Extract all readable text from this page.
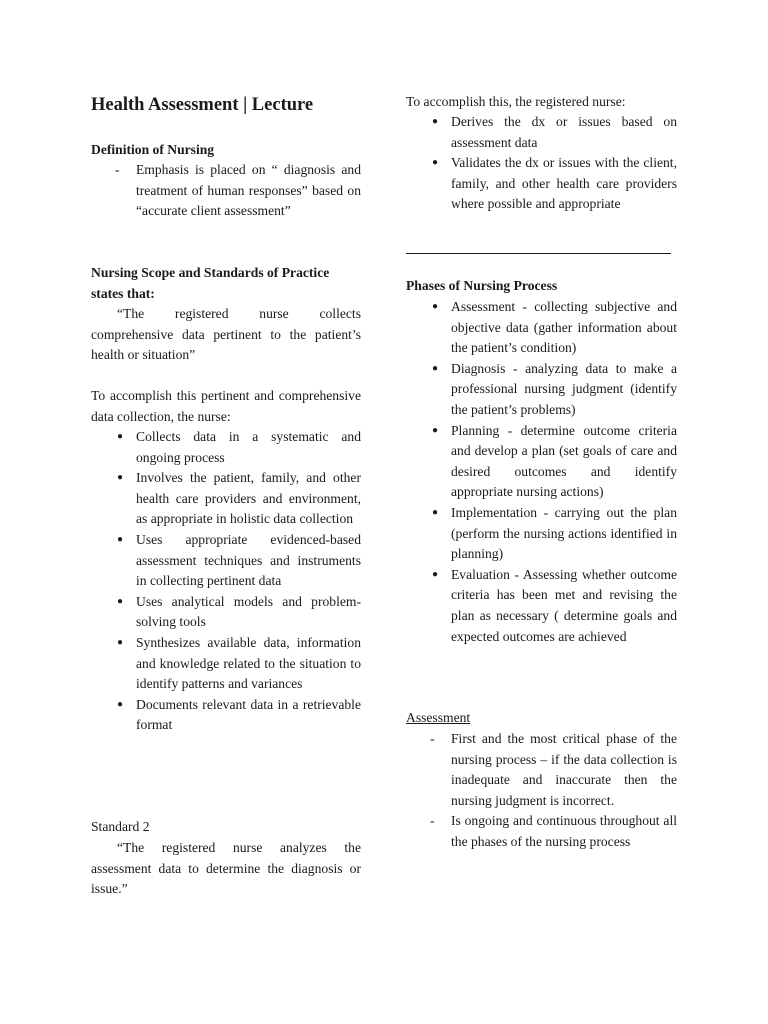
Health Assessment | Lecture
Definition of Nursing
-	Emphasis is placed on “ diagnosis and treatment of human responses” based on “accurate client assessment”
Nursing Scope and Standards of Practice
states that:
“The registered nurse collects comprehensive data pertinent to the patient’s health or situation”
To accomplish this pertinent and comprehensive data collection, the nurse:
● Collects data in a systematic and ongoing process
● Involves the patient, family, and other health care providers and environment, as appropriate in holistic data collection
● Uses appropriate evidenced-based assessment techniques and instruments in collecting pertinent data
● Uses analytical models and problem-solving tools
● Synthesizes available data, information and knowledge related to the situation to identify patterns and variances
● Documents relevant data in a retrievable format
Standard 2
“The registered nurse analyzes the assessment data to determine the diagnosis or issue.”
To accomplish this, the registered nurse:
● Derives the dx or issues based on assessment data
● Validates the dx or issues with the client, family, and other health care providers where possible and appropriate
Phases of Nursing Process
● Assessment - collecting subjective and objective data (gather information about the patient’s condition)
● Diagnosis - analyzing data to make a professional nursing judgment (identify the patient’s problems)
● Planning - determine outcome criteria and develop a plan (set goals of care and desired outcomes and identify appropriate nursing actions)
● Implementation - carrying out the plan (perform the nursing actions identified in planning)
● Evaluation - Assessing whether outcome criteria has been met and revising the plan as necessary ( determine goals and expected outcomes are achieved
Assessment
-	First and the most critical phase of the nursing process – if the data collection is inadequate and inaccurate then the nursing judgment is incorrect.
-	Is ongoing and continuous throughout all the phases of the nursing process
